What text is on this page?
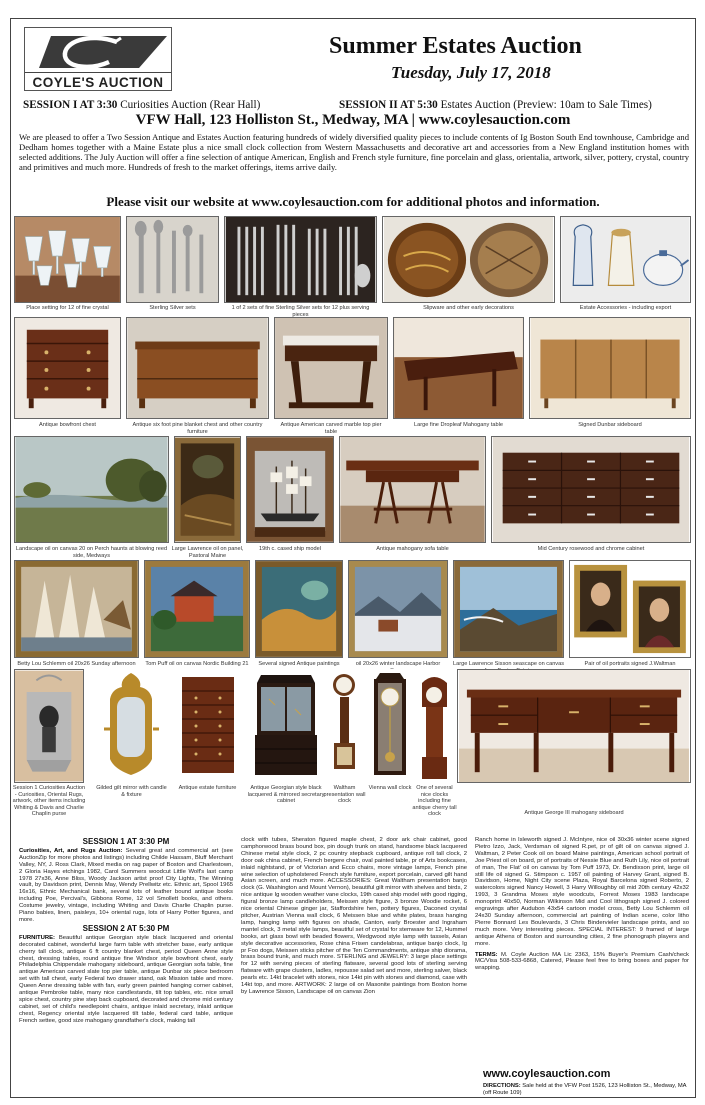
COYLE'S AUCTION
Summer Estates Auction
Tuesday, July 17, 2018
SESSION I AT 3:30 Curiosities Auction (Rear Hall)	SESSION II AT 5:30 Estates Auction (Preview: 10am to Sale Times)
VFW Hall, 123 Holliston St., Medway, MA | www.coylesauction.com
We are pleased to offer a Two Session Antique and Estates Auction featuring hundreds of widely diversified quality pieces to include contents of Ig Boston South End townhouse, Cambridge and Dedham homes together with a Maine Estate plus a nice small clock collection from Western Massachusetts and decorative art and accessories from a New England institution homes with selected additions. The July Auction will offer a fine selection of antique American, English and French style furniture, fine porcelain and glass, orientalia, artwork, silver, pottery, crystal, country and primitives and much more. Hundreds of fresh to the market offerings, items arrive daily.
Please visit our website at www.coylesauction.com for additional photos and information.
Place setting for 12 of fine crystal	Sterling Silver sets	1 of 2 sets of fine Sterling Silver sets for 12 plus serving pieces
Slipware and other early decorations	Estate Accessories - including export
Antique bowfront chest	Antique six foot pine blanket chest and other country furniture
Antique American carved marble top pier table
Large fine Dropleaf Mahogany table	Signed Dunbar sideboard
Landscape oil on canvas 20 on Perch haunts at blowing reed side, Medways
Large Lawrence oil on panel, Pastoral Maine
19th c. cased ship model	Antique mahogany sofa table	Mid Century rosewood and chrome cabinet
Betty Lou Schlemm oil 20x26 Sunday afternoon	Tom Puff oil on canvas Nordic Building 21	Several signed Antique paintings	oil 20x26 winter landscape Harbor	Large Lawrence Sisson seascape on canvas	Pair of oil portraits signed J.Waltman
Session 1 Curiosities Auction - Curiosities, Oriental Rugs, artwork, other items including Whiting & Davis and Charlie Chaplin purse
Gilded gilt mirror with candle & fixture
Antique estate furniture	Antique Georgian style black lacquered & mirrored secretary cabinet
Waltham presentation wall clock
Vienna wall clock One of several nice clocks including fine antique cherry tall clock	Antique George III mahogany sideboard
SESSION 1 AT 3:30 PM
Curiosities, Art, and Rugs Auction: Several great and commercial art (see AuctionZip for more photos and listings) including Childe Hassam, Bluff Merchant Valley, NY, J. Ross Clark, Mixed media on rag paper of Boston and Charlestown, 2 Gloria Hayes etchings 1982, Carol Summers woodcut Little Wolf's last camp 1978 27x36, Anne Bliss, Woody Jackson artist proof City Lights, The Winning vault, by Davidson print, Dennis May, Wendy Prellwitz etc. Ethnic art, Spool 1965 16x16, Ethnic Mechanical bank, several lots of leather bound antique books including Poe, Percival's, Gibbons Rome, 12 vol Smollett books, and others. Costume jewelry, vintage, including Whiting and Davis Charlie Chaplin purse. Piano babies, linen, paisleys, 10+ oriental rugs, lots of Harry Potter figures, and more.
SESSION 2 AT 5:30 PM
FURNITURE: Beautiful antique Georgian style black lacquered and oriental decorated cabinet, wonderful large farm table with stretcher base, early antique cherry tall clock, antique 6 ft country blanket chest, period Queen Anne style chest, dressing tables, round antique fine Windsor style bowfront chest, early Philadelphia Chippendale mahogany sideboard, antique Georgian sofa table, fine antique American carved slate top pier table, antique Dunbar six piece bedroom set with tall chest, early Federal two drawer stand, oak Mission table and more. Queen Anne dressing table with fan, early green painted hanging corner cabinet, antique Pembroke table, many nice candlestands, tilt top tables, etc. nice small spice chest, country pine step back cupboard, decorated and chrome mid century cabinet, set of child's needlepoint chairs, antique inlaid secretary, inlaid antique chest, Regency oriental style lacquered tilt table, federal card table, antique French settee, good size mahogany grandfather's clock, making tall
clock with tubes, Sheraton figured maple chest, 2 door ark chair cabinet, good camphorwood brass bound box, pin dough trunk on stand, handsome black lacquered Chinese metal style clock, 2 pc country stepback cupboard, antique roll tall clock, 2 door oak china cabinet, French bergere chair, oval painted table, pr of Arts bookcases, inlaid nightstand, pr of Victorian and Ecco chairs, more vintage lamps, French pine wine selection of upholstered French style furniture, export porcelain, carved gilt hand Asian screen, and much more. ACCESSORIES: Great Waltham presentation banjo clock (G. Washington and Mount Vernon), beautiful gilt mirror with shelves and birds, 2 nice antique Ig wooden weather vane clocks, 19th cased ship model with good rigging, figural bronze lamp candleholders, Meissen style figure, 3 bronze Woodie rocket, 6 nice oriental Chinese ginger jar, Staffordshire hen, pottery figures, Daconed crystal pitcher, Austrian Vienna wall clock, 6 Meissen blue and white plates, brass hanging lamp, hanging lamp with figures on shade, Canton, early Broester and Ingraham mantel clock, 3 metal style lamps, beautiful set of crystal for stemware for 12, Hummel books, art glass bowl with beaded flowers, Wedgwood style lamp with tassels, Asian style decorative accessories, Rose china Frisen candelabras, antique banjo clock, Ig pr Foo dogs, Meissen sticks pitcher of the Ten Commandments, antique ship diorama, brass bound trunk, and much more. STERLING and JEWELRY: 3 large place settings for 12 with serving pieces of sterling flatware, several good lots of sterling serving flatware with grape clusters, ladles, repousse salad set and more, sterling salver, black pearls etc. 14kt bracelet with stones, nice 14kt pin with stones and diamond, case with 14kt top, and more. ARTWORK: 2 large oil on Masonite paintings from Boston home by Lawrence Sisson, Landscape oil on canvas Zion
Ranch home in Isleworth signed J. McIntyre, nice oil 30x36 winter scene signed Pietro Izzo, Jack, Verdsman oil signed R.pet, pr of gilt oil on canvas signed J. Waltman, 2 Peter Cook oil on board Maine paintings, American school portrait of Joe Priest oil on board, pr of portraits of Nessie Blue and Ruth Lily, nice oil portrait of man, The Flat' oil on canvas by Tom Puff 1973, Dr. Bendixson print, large oil still life oil signed G. Stimpson c. 1957 oil painting of Harvey Grant, signed B. Davidson, Home, Night City scene Plaza, Royal Barcelona signed Roberto, 2 watercolors signed Nancy Howell, 3 Harry Willoughby oil mid 20th century 42x32 1993, 3 Grandma Moses style woodcuts, Forrest Moses 1983 landscape monoprint 40x50, Norman Wilkinson Mid and Cool lithograph signed J. colored engravings after Audubon 43x54 cartoon model cross, Betty Lou Schlemm oil 24x30 Sunday afternoon, commercial art painting of Indian scene, color litho Pierre Bonnard Les Boulevards, 3 Chris Bindervieler landscape prints, and so much more. Very interesting pieces. SPECIAL INTEREST: 9 framed of large antique Athens of Boston and surrounding cities, 2 fine phonograph players and more.
TERMS: M. Coyle Auction MA Lic 2363, 15% Buyer's Premium Cash/check MC/Visa 508-533-6868, Catered, Please feel free to bring boxes and paper for wrapping.
www.coylesauction.com
DIRECTIONS: Sale held at the VFW Post 1526, 123 Holliston St., Medway, MA (off Route 109)
